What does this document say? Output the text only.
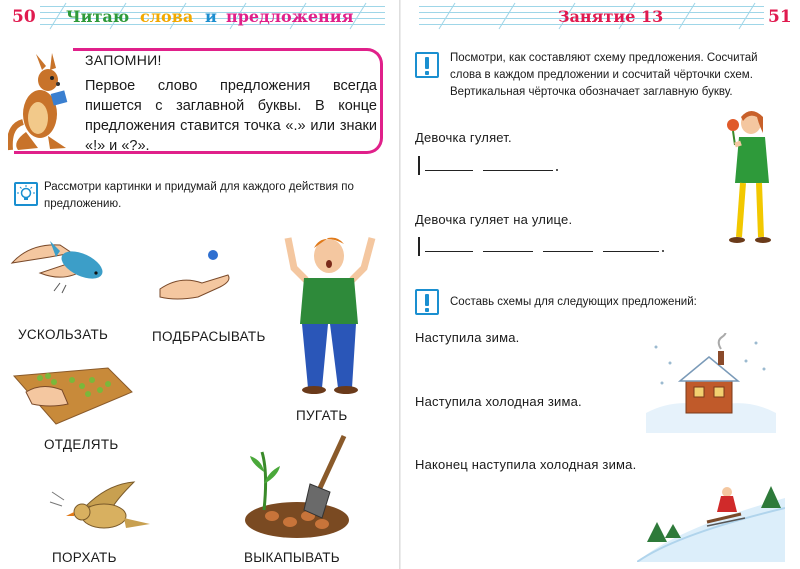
50 Читаю слова и предложения
ЗАПОМНИ!
Первое слово предложения всегда пишется с заглавной буквы. В конце предложения ставится точка «.» или знаки «!» и «?».
Рассмотри картинки и придумай для каждого действия по предложению.
УСКОЛЬЗАТЬ	ПОДБРАСЫВАТЬ
ПУГАТЬ
ОТДЕЛЯТЬ
ПОРХАТЬ	ВЫКАПЫВАТЬ
Занятие 13	51
Посмотри, как составляют схему предложения. Сосчитай слова в каждом предложении и сосчитай чёрточки схем. Вертикальная чёрточка обозначает заглавную букву.
Девочка гуляет.
Девочка гуляет на улице.
Составь схемы для следующих предложений:
Наступила зима.
Наступила холодная зима.
Наконец наступила холодная зима.
